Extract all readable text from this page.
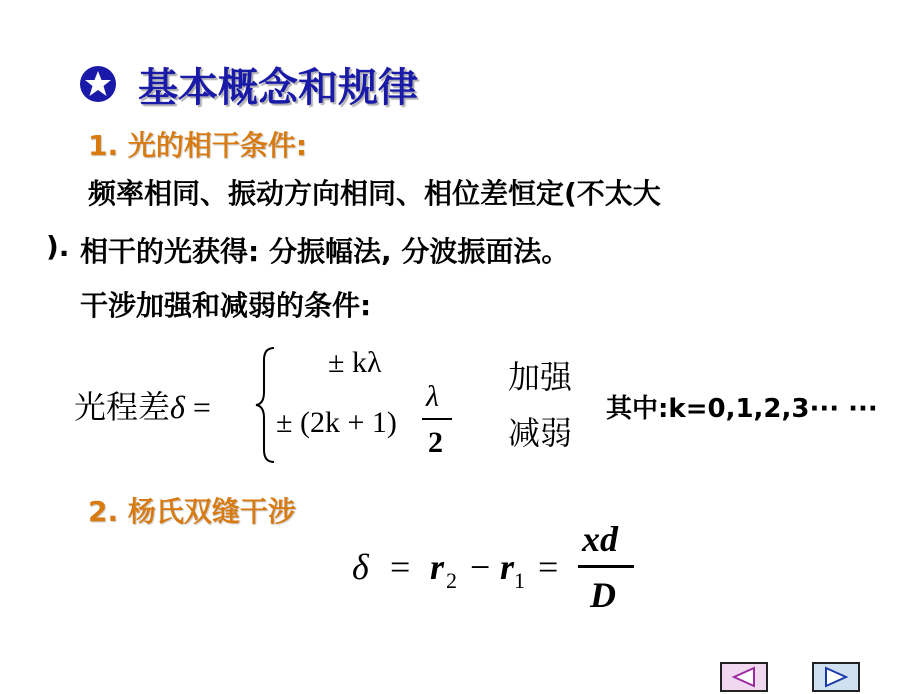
基本概念和规律
1. 光的相干条件:
频率相同、振动方向相同、相位差恒定(不太大
). 相干的光获得: 分振幅法, 分波振面法。
干涉加强和减弱的条件:
光程差δ =
± kλ	加强
± (2k + 1)
λ
2 减弱
其中:k=0,1,2,3··· ···
2. 杨氏双缝干涉
δ = r 2 − r 1 =
xd
D
